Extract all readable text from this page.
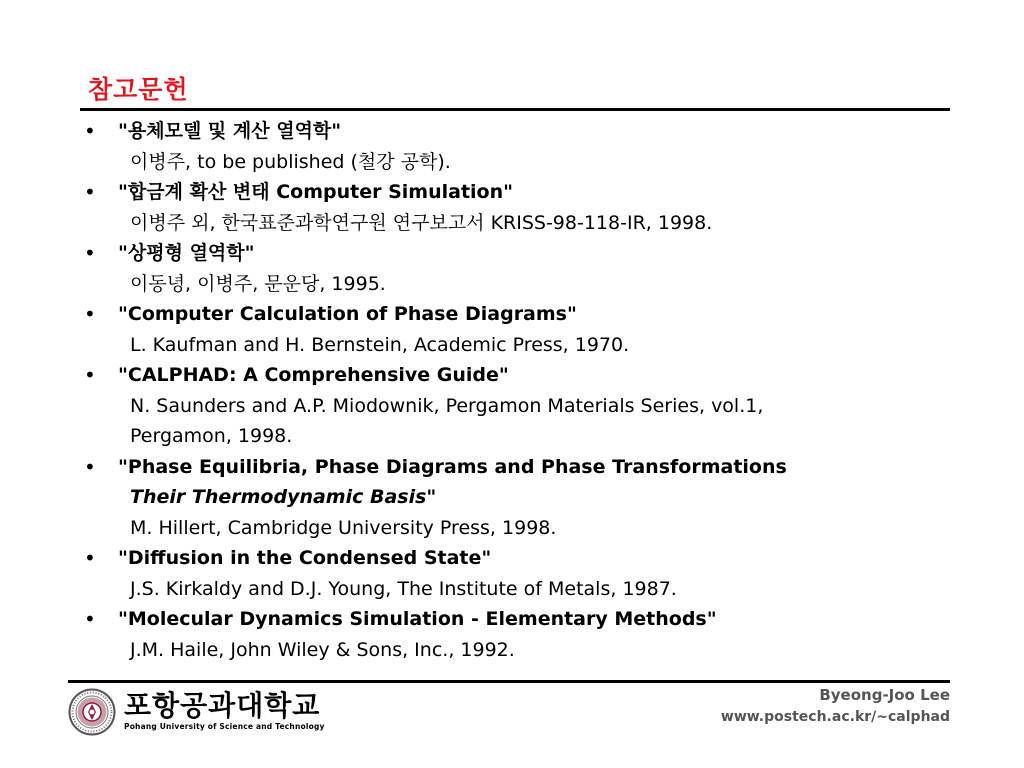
참고문헌
• "용체모델 및 계산 열역학"
이병주, to be published (철강 공학).
• "합금계 확산 변태 Computer Simulation"
이병주 외, 한국표준과학연구원 연구보고서 KRISS-98-118-IR, 1998.
• "상평형 열역학"
이동녕, 이병주, 문운당, 1995.
• "Computer Calculation of Phase Diagrams"
L. Kaufman and H. Bernstein, Academic Press, 1970.
• "CALPHAD: A Comprehensive Guide"
N. Saunders and A.P. Miodownik, Pergamon Materials Series, vol.1,
Pergamon, 1998.
• "Phase Equilibria, Phase Diagrams and Phase Transformations
Their Thermodynamic Basis"
M. Hillert, Cambridge University Press, 1998.
• "Diffusion in the Condensed State"
J.S. Kirkaldy and D.J. Young, The Institute of Metals, 1987.
• "Molecular Dynamics Simulation - Elementary Methods"
J.M. Haile, John Wiley & Sons, Inc., 1992.
포항공과대학교
Pohang University of Science and Technology
Byeong-Joo Lee
www.postech.ac.kr/~calphad
